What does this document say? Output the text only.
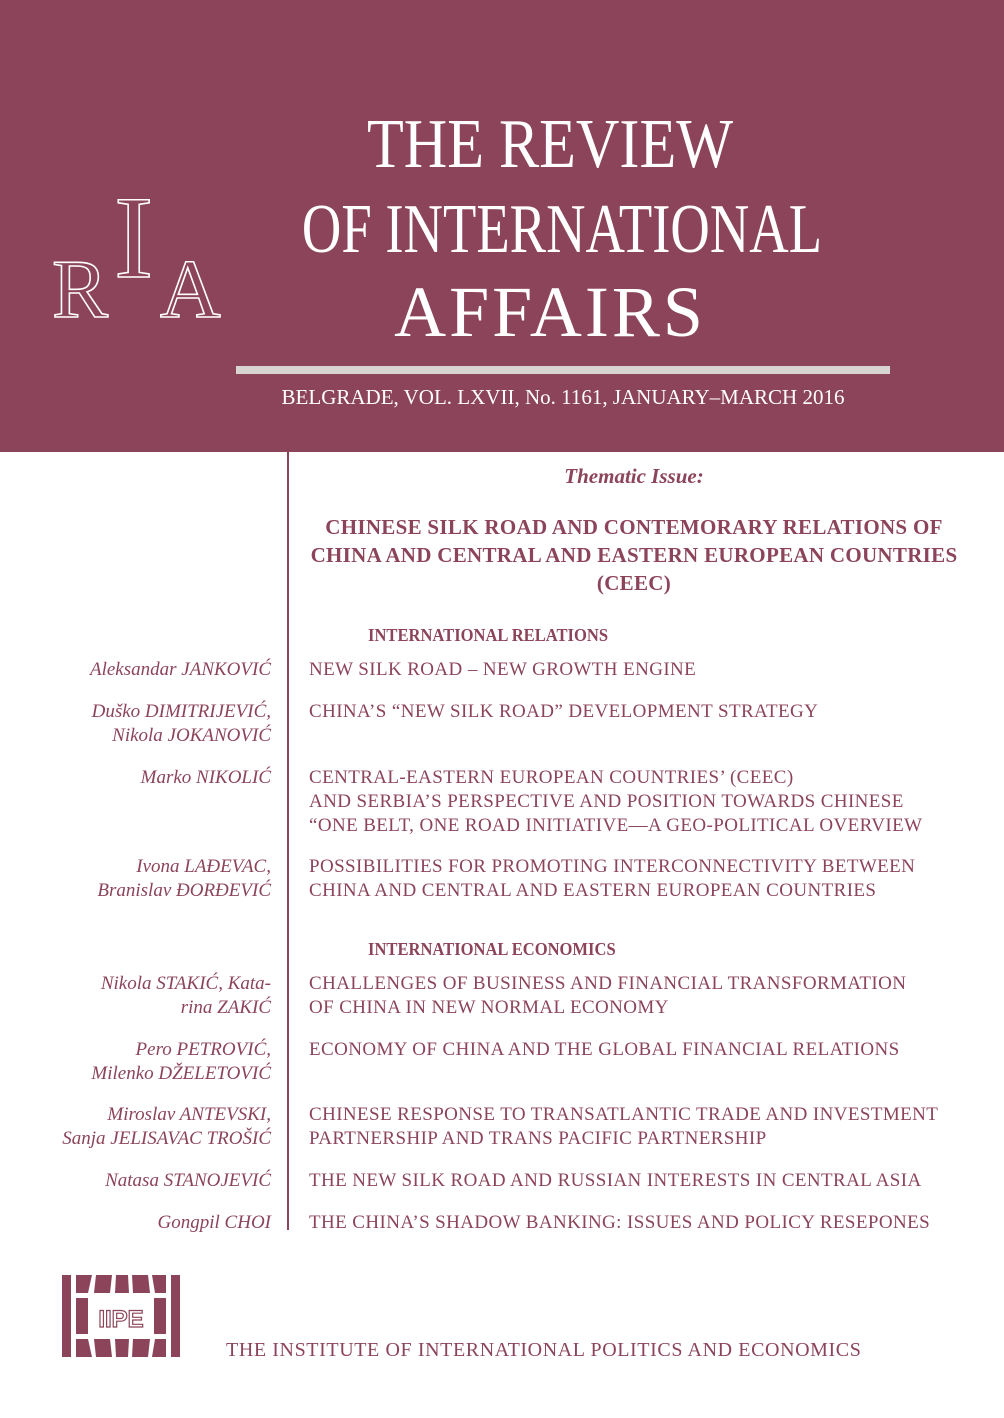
R I A
THE REVIEW
OF INTERNATIONAL
AFFAIRS
BELGRADE, VOL. LXVII, No. 1161, JANUARY–MARCH 2016
Thematic Issue:
CHINESE SILK ROAD AND CONTEMORARY RELATIONS OF CHINA AND CENTRAL AND EASTERN EUROPEAN COUNTRIES (CEEC)
INTERNATIONAL RELATIONS
Aleksandar JANKOVIĆ NEW SILK ROAD – NEW GROWTH ENGINE
Duško DIMITRIJEVIĆ,
Nikola JOKANOVIĆ
CHINA’S “NEW SILK ROAD” DEVELOPMENT STRATEGY
Marko NIKOLIĆ CENTRAL-EASTERN EUROPEAN COUNTRIES’ (CEEC)
AND SERBIA’S PERSPECTIVE AND POSITION TOWARDS CHINESE
“ONE BELT, ONE ROAD INITIATIVE—A GEO-POLITICAL OVERVIEW
Ivona LAĐEVAC,
Branislav ĐORĐEVIĆ
POSSIBILITIES FOR PROMOTING INTERCONNECTIVITY BETWEEN
CHINA AND CENTRAL AND EASTERN EUROPEAN COUNTRIES
INTERNATIONAL ECONOMICS
Nikola STAKIĆ, Kata-
rina ZAKIĆ
CHALLENGES OF BUSINESS AND FINANCIAL TRANSFORMATION
OF CHINA IN NEW NORMAL ECONOMY
Pero PETROVIĆ,
Milenko DŽELETOVIĆ
ECONOMY OF CHINA AND THE GLOBAL FINANCIAL RELATIONS
Miroslav ANTEVSKI,
Sanja JELISAVAC TROŠIĆ
CHINESE RESPONSE TO TRANSATLANTIC TRADE AND INVESTMENT
PARTNERSHIP AND TRANS PACIFIC PARTNERSHIP
Natasa STANOJEVIĆ THE NEW SILK ROAD AND RUSSIAN INTERESTS IN CENTRAL ASIA
Gongpil CHOI THE CHINA’S SHADOW BANKING: ISSUES AND POLICY RESEPONES
IIPE
THE INSTITUTE OF INTERNATIONAL POLITICS AND ECONOMICS
